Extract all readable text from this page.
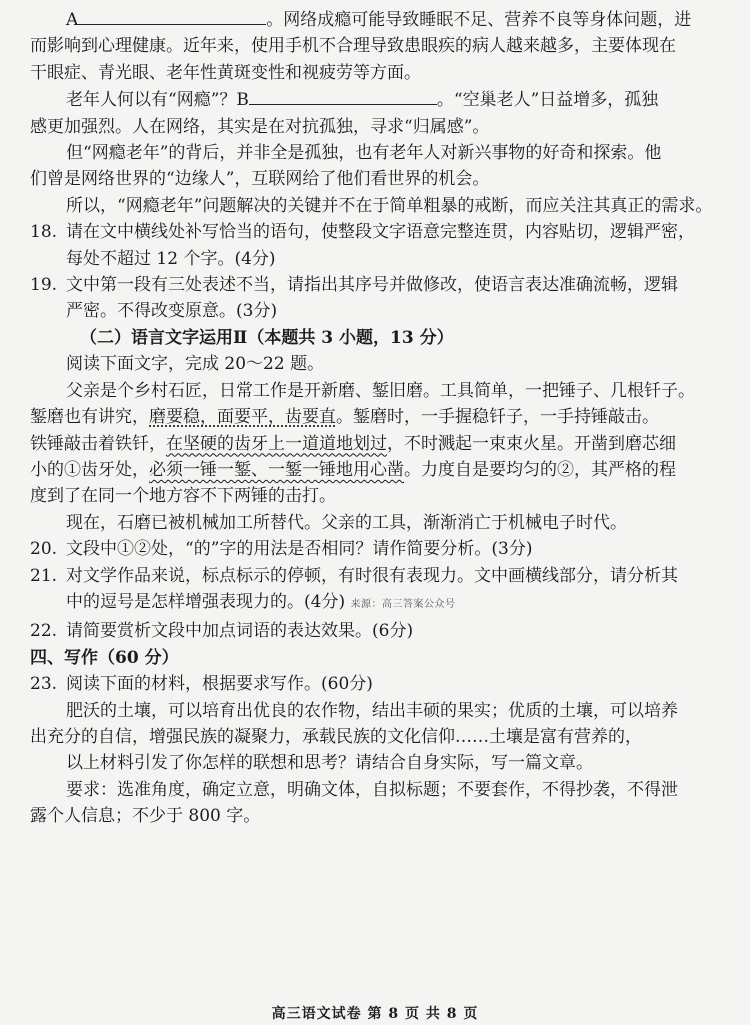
A	。网络成瘾可能导致睡眠不足、营养不良等身体问题，进

而影响到心理健康。近年来，使用手机不合理导致患眼疾的病人越来越多，主要体现在

干眼症、青光眼、老年性黄斑变性和视疲劳等方面。

老年人何以有“网瘾”？B	。“空巢老人”日益增多，孤独

感更加强烈。人在网络，其实是在对抗孤独，寻求“归属感”。

但“网瘾老年”的背后，并非全是孤独，也有老年人对新兴事物的好奇和探索。他

们曾是网络世界的“边缘人”，互联网给了他们看世界的机会。

所以，“网瘾老年”问题解决的关键并不在于简单粗暴的戒断，而应关注其真正的需求。

18. 请在文中横线处补写恰当的语句，使整段文字语意完整连贯，内容贴切，逻辑严密，

每处不超过 12 个字。(4分)

19. 文中第一段有三处表述不当，请指出其序号并做修改，使语言表达准确流畅，逻辑

严密。不得改变原意。(3分)

（二）语言文字运用Ⅱ（本题共 3 小题，13 分）

阅读下面文字，完成 20～22 题。

父亲是个乡村石匠，日常工作是开新磨、錾旧磨。工具简单，一把锤子、几根钎子。

錾磨也有讲究，磨要稳，面要平，齿要直。錾磨时，一手握稳钎子，一手持锤敲击。

铁锤敲击着铁钎，在坚硬的齿牙上一道道地划过，不时溅起一束束火星。开凿到磨芯细

小的①齿牙处，必须一锤一錾、一錾一锤地用心凿。力度自是要均匀的②，其严格的程

度到了在同一个地方容不下两锤的击打。

现在，石磨已被机械加工所替代。父亲的工具，渐渐消亡于机械电子时代。

20. 文段中①②处，“的”字的用法是否相同？请作简要分析。(3分)

21. 对文学作品来说，标点标示的停顿，有时很有表现力。文中画横线部分，请分析其

中的逗号是怎样增强表现力的。(4分) 来源：高三答案公众号

22. 请简要赏析文段中加点词语的表达效果。(6分)

四、写作（60 分）

23. 阅读下面的材料，根据要求写作。(60分)

肥沃的土壤，可以培育出优良的农作物，结出丰硕的果实；优质的土壤，可以培养

出充分的自信，增强民族的凝聚力，承载民族的文化信仰……土壤是富有营养的，

以上材料引发了你怎样的联想和思考？请结合自身实际，写一篇文章。

要求：选准角度，确定立意，明确文体，自拟标题；不要套作，不得抄袭，不得泄

露个人信息；不少于 800 字。

高三语文试卷 第 8 页 共 8 页
